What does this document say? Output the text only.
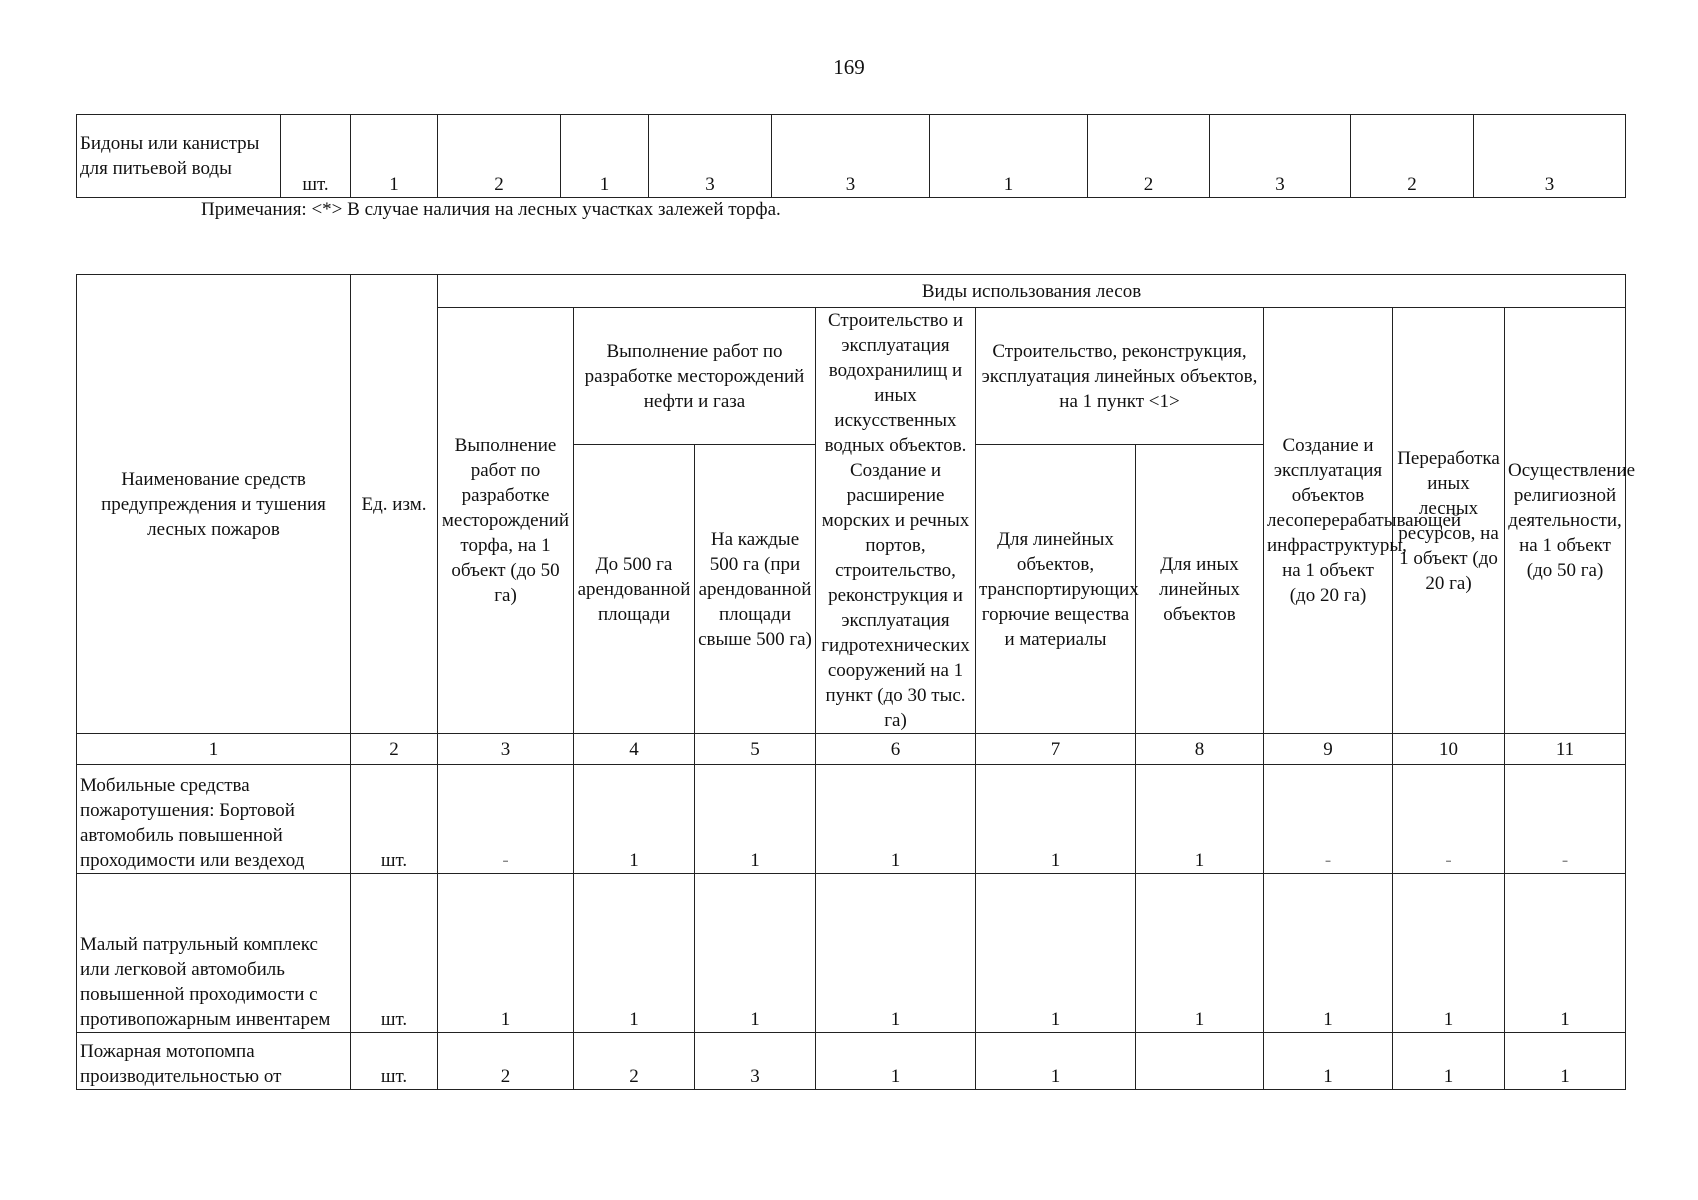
169
Бидоны или канистры для питьевой воды	шт.	1	2	1	3	3	1	2	3	2	3
Примечания: <*> В случае наличия на лесных участках залежей торфа.
Наименование средств предупреждения и тушения лесных пожаров	Ед. изм.	Виды использования лесов								
		Выполнение работ по разработке месторождений торфа, на 1 объект (до 50 га)	Выполнение работ по разработке месторождений нефти и газа		Строительство и эксплуатация водохранилищ и иных искусственных водных объектов. Создание и расширение морских и речных портов, строительство, реконструкция и эксплуатация гидротехнических сооружений на 1 пункт (до 30 тыс. га)	Строительство, реконструкция, эксплуатация линейных объектов, на 1 пункт <1>		Создание и эксплуатация объектов лесоперерабатывающей инфраструктуры, на 1 объект (до 20 га)	Переработка иных лесных ресурсов, на 1 объект (до 20 га)	Осуществление религиозной деятельности, на 1 объект (до 50 га)

			До 500 га арендованной площади	На каждые 500 га (при арендованной площади свыше 500 га)		Для линейных объектов, транспортирующих горючие вещества и материалы	Для иных линейных объектов			
1	2	3	4	5	6	7	8	9	10	11
Мобильные средства пожаротушения: Бортовой автомобиль повышенной проходимости или вездеход	шт.	-	1	1	1	1	1	-	-	-
Малый патрульный комплекс или легковой автомобиль повышенной проходимости с противопожарным инвентарем	шт.	1	1	1	1	1	1	1	1	1
Пожарная мотопомпа производительностью от	шт.	2	2	3	1	1		1	1	1
